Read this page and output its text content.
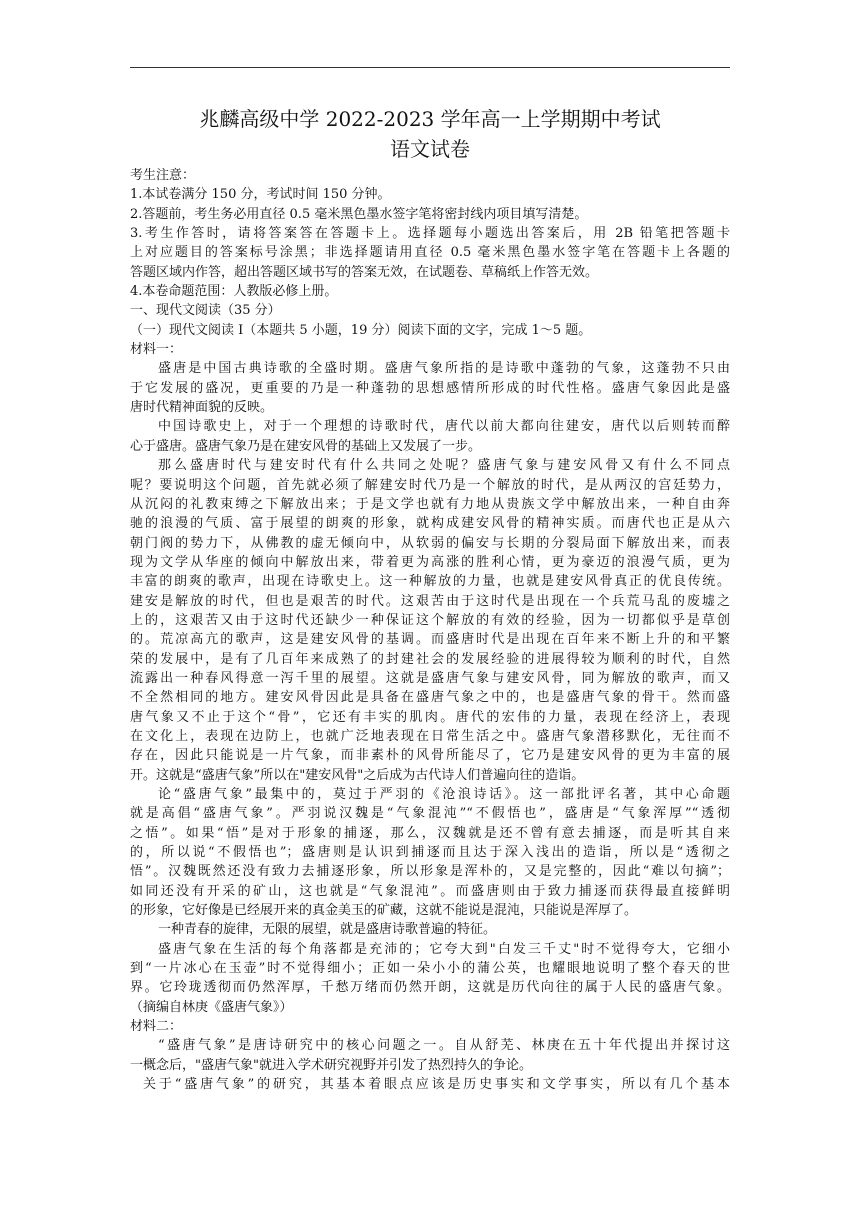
兆麟高级中学 2022-2023 学年高一上学期期中考试
语文试卷
考生注意：
1.本试卷满分 150 分，考试时间 150 分钟。
2.答题前，考生务必用直径 0.5 毫米黑色墨水签字笔将密封线内项目填写清楚。
3.考生作答时，请将答案答在答题卡上。选择题每小题选出答案后，用 2B 铅笔把答题卡
上对应题目的答案标号涂黑；非选择题请用直径 0.5 毫米黑色墨水签字笔在答题卡上各题的
答题区域内作答，超出答题区域书写的答案无效，在试题卷、草稿纸上作答无效。
4.本卷命题范围：人教版必修上册。
一、现代文阅读（35 分）
（一）现代文阅读 I（本题共 5 小题，19 分）阅读下面的文字，完成 1～5 题。
材料一：
盛唐是中国古典诗歌的全盛时期。盛唐气象所指的是诗歌中蓬勃的气象，这蓬勃不只由
于它发展的盛况，更重要的乃是一种蓬勃的思想感情所形成的时代性格。盛唐气象因此是盛
唐时代精神面貌的反映。
中国诗歌史上，对于一个理想的诗歌时代，唐代以前大都向往建安，唐代以后则转而醉
心于盛唐。盛唐气象乃是在建安风骨的基础上又发展了一步。
那么盛唐时代与建安时代有什么共同之处呢？盛唐气象与建安风骨又有什么不同点
呢？要说明这个问题，首先就必须了解建安时代乃是一个解放的时代，是从两汉的宫廷势力，
从沉闷的礼教束缚之下解放出来；于是文学也就有力地从贵族文学中解放出来，一种自由奔
驰的浪漫的气质、富于展望的朗爽的形象，就构成建安风骨的精神实质。而唐代也正是从六
朝门阀的势力下，从佛教的虚无倾向中，从软弱的偏安与长期的分裂局面下解放出来，而表
现为文学从华座的倾向中解放出来，带着更为高涨的胜利心情，更为豪迈的浪漫气质，更为
丰富的朗爽的歌声，出现在诗歌史上。这一种解放的力量，也就是建安风骨真正的优良传统。
建安是解放的时代，但也是艰苦的时代。这艰苦由于这时代是出现在一个兵荒马乱的废墟之
上的，这艰苦又由于这时代还缺少一种保证这个解放的有效的经验，因为一切都似乎是草创
的。荒凉高亢的歌声，这是建安风骨的基调。而盛唐时代是出现在百年来不断上升的和平繁
荣的发展中，是有了几百年来成熟了的封建社会的发展经验的进展得较为顺利的时代，自然
流露出一种春风得意一泻千里的展望。这就是盛唐气象与建安风骨，同为解放的歌声，而又
不全然相同的地方。建安风骨因此是具备在盛唐气象之中的，也是盛唐气象的骨干。然而盛
唐气象又不止于这个“骨”，它还有丰实的肌肉。唐代的宏伟的力量，表现在经济上，表现
在文化上，表现在边防上，也就广泛地表现在日常生活之中。盛唐气象潜移默化，无往而不
存在，因此只能说是一片气象，而非素朴的风骨所能尽了，它乃是建安风骨的更为丰富的展
开。这就是“盛唐气象”所以在"建安风骨"之后成为古代诗人们普遍向往的造诣。
论“盛唐气象”最集中的，莫过于严羽的《沧浪诗话》。这一部批评名著，其中心命题
就是高倡“盛唐气象”。严羽说汉魏是“气象混沌”“不假悟也”，盛唐是“气象浑厚”“透彻
之悟”。如果“悟”是对于形象的捕逐，那么，汉魏就是还不曾有意去捕逐，而是听其自来
的，所以说“不假悟也”；盛唐则是认识到捕逐而且达于深入浅出的造诣，所以是“透彻之
悟”。汉魏既然还没有致力去捕逐形象，所以形象是浑朴的，又是完整的，因此“难以句摘”；
如同还没有开采的矿山，这也就是“气象混沌”。而盛唐则由于致力捕逐而获得最直接鲜明
的形象，它好像是已经展开来的真金美玉的矿藏，这就不能说是混沌，只能说是浑厚了。
一种青春的旋律，无限的展望，就是盛唐诗歌普遍的特征。
盛唐气象在生活的每个角落都是充沛的；它夸大到"白发三千丈"时不觉得夸大，它细小
到“一片冰心在玉壶”时不觉得细小；正如一朵小小的蒲公英，也耀眼地说明了整个春天的世
界。它玲珑透彻而仍然浑厚，千愁万绪而仍然开朗，这就是历代向往的属于人民的盛唐气象。
（摘编自林庚《盛唐气象》）
材料二：
“盛唐气象”是唐诗研究中的核心问题之一。自从舒芜、林庚在五十年代提出并探讨这
一概念后，"盛唐气象"就进入学术研究视野并引发了热烈持久的争论。
关于“盛唐气象”的研究，其基本着眼点应该是历史事实和文学事实，所以有几个基本
